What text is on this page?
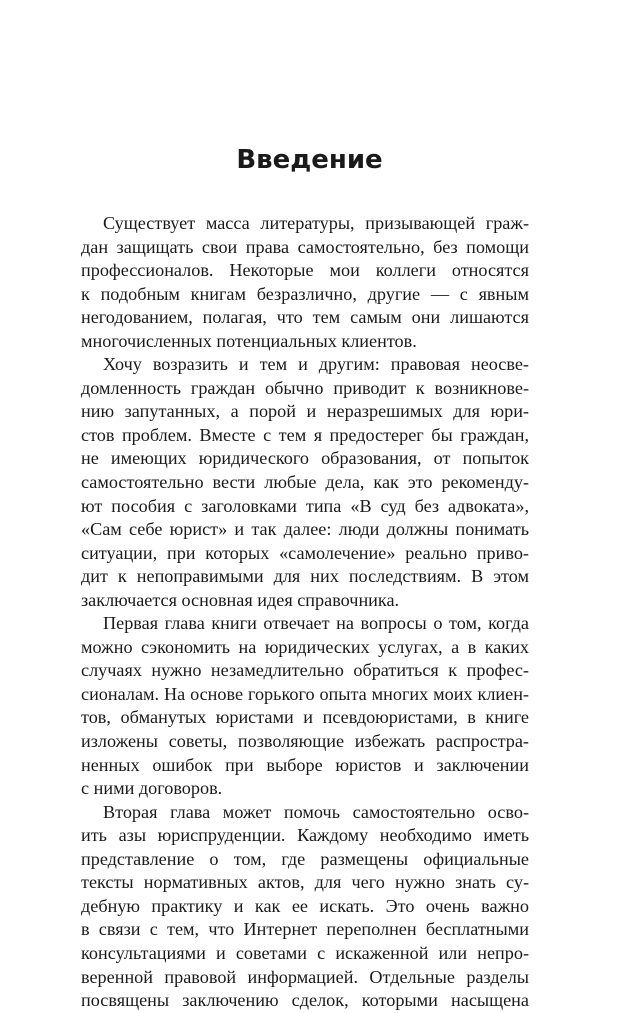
Введение
Существует масса литературы, призывающей граж-
дан защищать свои права самостоятельно, без помощи
профессионалов. Некоторые мои коллеги относятся
к подобным книгам безразлично, другие — с явным
негодованием, полагая, что тем самым они лишаются
многочисленных потенциальных клиентов.
Хочу возразить и тем и другим: правовая неосве-
домленность граждан обычно приводит к возникнове-
нию запутанных, а порой и неразрешимых для юри-
стов проблем. Вместе с тем я предостерег бы граждан,
не имеющих юридического образования, от попыток
самостоятельно вести любые дела, как это рекоменду-
ют пособия с заголовками типа «В суд без адвоката»,
«Сам себе юрист» и так далее: люди должны понимать
ситуации, при которых «самолечение» реально приво-
дит к непоправимыми для них последствиям. В этом
заключается основная идея справочника.
Первая глава книги отвечает на вопросы о том, когда
можно сэкономить на юридических услугах, а в каких
случаях нужно незамедлительно обратиться к профес-
сионалам. На основе горького опыта многих моих клиен-
тов, обманутых юристами и псевдоюристами, в книге
изложены советы, позволяющие избежать распростра-
ненных ошибок при выборе юристов и заключении
с ними договоров.
Вторая глава может помочь самостоятельно осво-
ить азы юриспруденции. Каждому необходимо иметь
представление о том, где размещены официальные
тексты нормативных актов, для чего нужно знать су-
дебную практику и как ее искать. Это очень важно
в связи с тем, что Интернет переполнен бесплатными
консультациями и советами с искаженной или непро-
веренной правовой информацией. Отдельные разделы
посвящены заключению сделок, которыми насыщена
